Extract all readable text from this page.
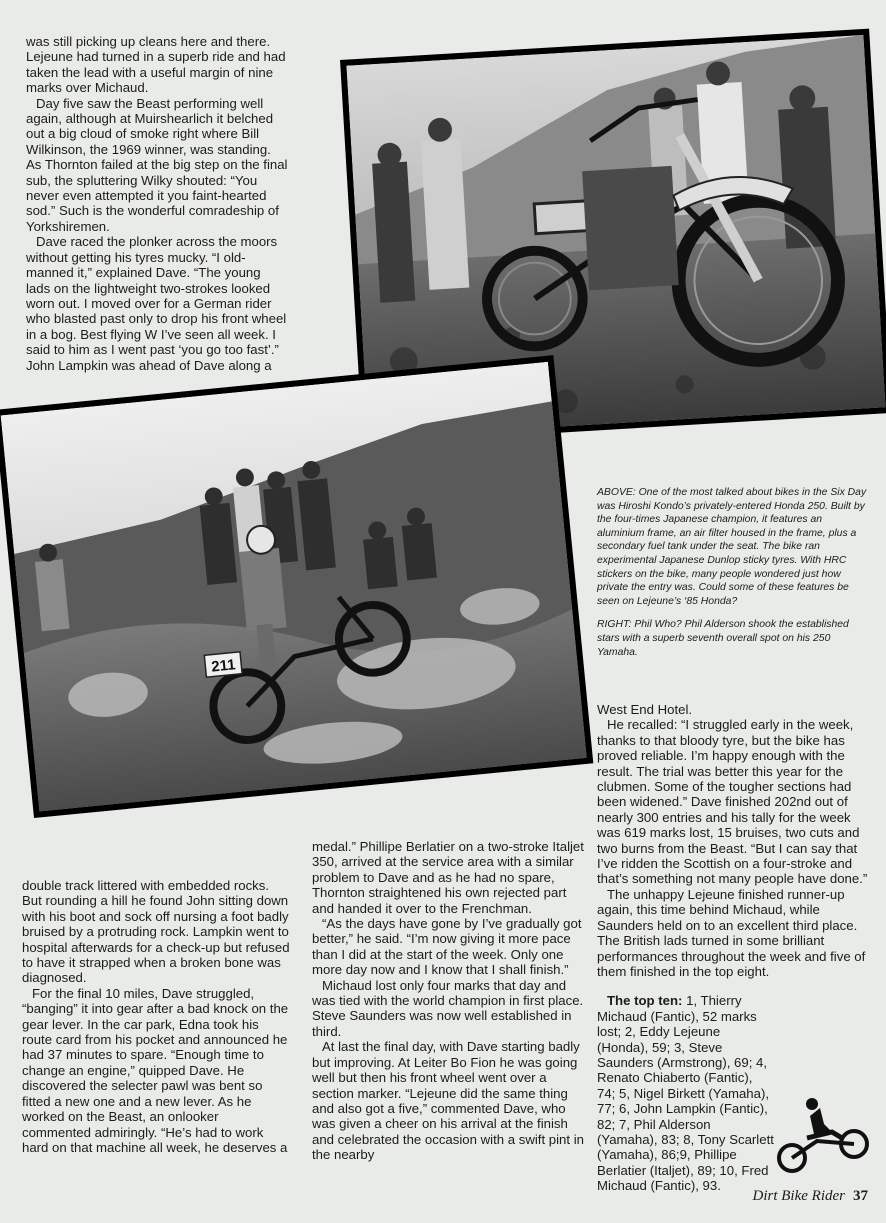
was still picking up cleans here and there. Lejeune had turned in a superb ride and had taken the lead with a useful margin of nine marks over Michaud.

Day five saw the Beast performing well again, although at Muirshearlich it belched out a big cloud of smoke right where Bill Wilkinson, the 1969 winner, was standing. As Thornton failed at the big step on the final sub, the spluttering Wilky shouted: “You never even attempted it you faint-hearted sod.” Such is the wonderful comradeship of Yorkshiremen.

Dave raced the plonker across the moors without getting his tyres mucky. “I old-manned it,” explained Dave. “The young lads on the lightweight two-strokes looked worn out. I moved over for a German rider who blasted past only to drop his front wheel in a bog. Best flying W I’ve seen all week. I said to him as I went past ‘you go too fast’.” John Lampkin was ahead of Dave along a

211

ABOVE: One of the most talked about bikes in the Six Day was Hiroshi Kondo’s privately-entered Honda 250. Built by the four-times Japanese champion, it features an aluminium frame, an air filter housed in the frame, plus a secondary fuel tank under the seat. The bike ran experimental Japanese Dunlop sticky tyres. With HRC stickers on the bike, many people wondered just how private the entry was. Could some of these features be seen on Lejeune’s ‘85 Honda?

RIGHT: Phil Who? Phil Alderson shook the established stars with a superb seventh overall spot on his 250 Yamaha.

double track littered with embedded rocks. But rounding a hill he found John sitting down with his boot and sock off nursing a foot badly bruised by a protruding rock. Lampkin went to hospital afterwards for a check-up but refused to have it strapped when a broken bone was diagnosed.

For the final 10 miles, Dave struggled, “banging” it into gear after a bad knock on the gear lever. In the car park, Edna took his route card from his pocket and announced he had 37 minutes to spare. “Enough time to change an engine,” quipped Dave. He discovered the selecter pawl was bent so fitted a new one and a new lever. As he worked on the Beast, an onlooker commented admiringly. “He’s had to work hard on that machine all week, he deserves a

medal.” Phillipe Berlatier on a two-stroke Italjet 350, arrived at the service area with a similar problem to Dave and as he had no spare, Thornton straightened his own rejected part and handed it over to the Frenchman.

“As the days have gone by I’ve gradually got better,” he said. “I’m now giving it more pace than I did at the start of the week. Only one more day now and I know that I shall finish.”

Michaud lost only four marks that day and was tied with the world champion in first place. Steve Saunders was now well established in third.

At last the final day, with Dave starting badly but improving. At Leiter Bo Fion he was going well but then his front wheel went over a section marker. “Lejeune did the same thing and also got a five,” commented Dave, who was given a cheer on his arrival at the finish and celebrated the occasion with a swift pint in the nearby

West End Hotel.

He recalled: “I struggled early in the week, thanks to that bloody tyre, but the bike has proved reliable. I’m happy enough with the result. The trial was better this year for the clubmen. Some of the tougher sections had been widened.” Dave finished 202nd out of nearly 300 entries and his tally for the week was 619 marks lost, 15 bruises, two cuts and two burns from the Beast. “But I can say that I’ve ridden the Scottish on a four-stroke and that’s something not many people have done.”

The unhappy Lejeune finished runner-up again, this time behind Michaud, while Saunders held on to an excellent third place. The British lads turned in some brilliant performances throughout the week and five of them finished in the top eight.

The top ten: 1, Thierry Michaud (Fantic), 52 marks lost; 2, Eddy Lejeune (Honda), 59; 3, Steve Saunders (Armstrong), 69; 4, Renato Chiaberto (Fantic), 74; 5, Nigel Birkett (Yamaha), 77; 6, John Lampkin (Fantic), 82; 7, Phil Alderson (Yamaha), 83; 8, Tony Scarlett (Yamaha), 86;9, Phillipe Berlatier (Italjet), 89; 10, Fred Michaud (Fantic), 93.

Dirt Bike Rider 37
